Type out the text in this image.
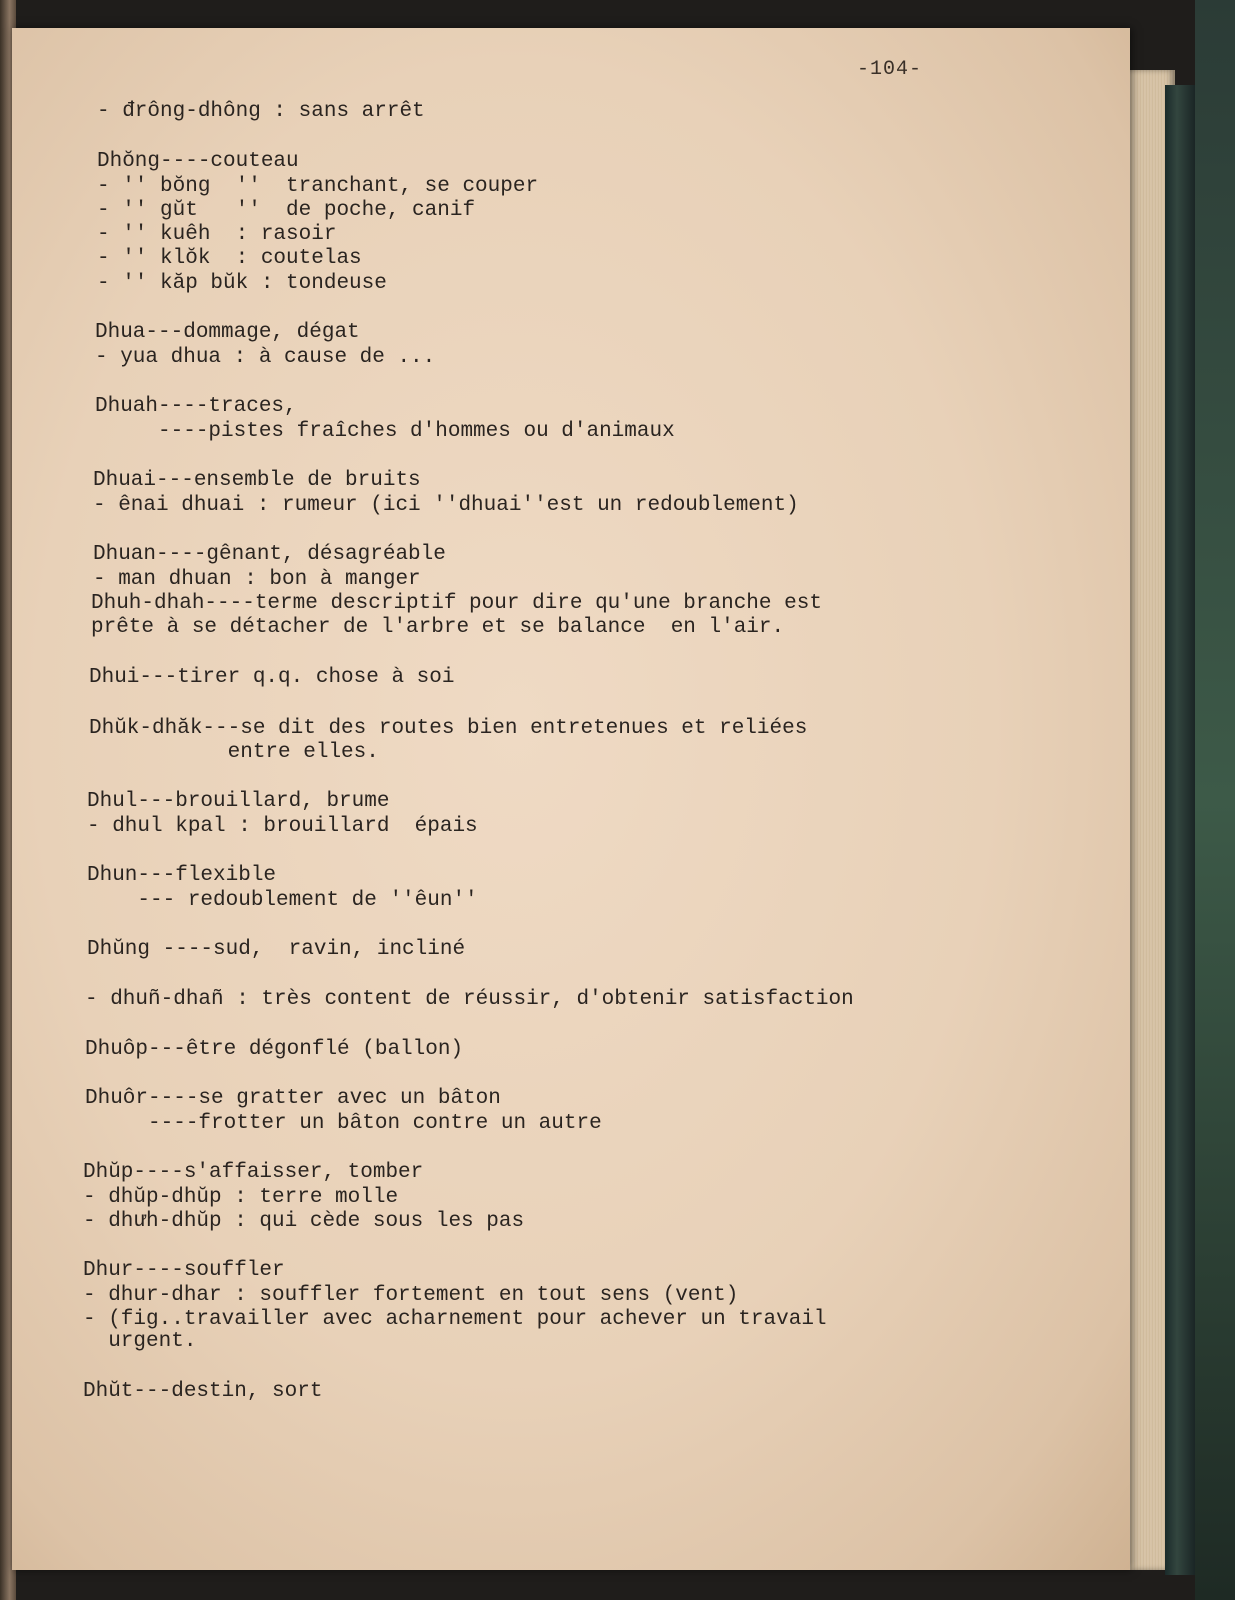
-104-
- đrông-dhông : sans arrêt
Dhŏng----couteau
- '' bŏng  ''  tranchant, se couper
- '' gŭt   ''  de poche, canif
- '' kuêh  : rasoir
- '' klŏk  : coutelas
- '' kăp bŭk : tondeuse
Dhua---dommage, dégat
- yua dhua : à cause de ...
Dhuah----traces,
----pistes fraîches d'hommes ou d'animaux
Dhuai---ensemble de bruits
- ênai dhuai : rumeur (ici ''dhuai''est un redoublement)
Dhuan----gênant, désagréable
- man dhuan : bon à manger
Dhuh-dhah----terme descriptif pour dire qu'une branche est
prête à se détacher de l'arbre et se balance  en l'air.
Dhui---tirer q.q. chose à soi
Dhŭk-dhăk---se dit des routes bien entretenues et reliées
entre elles.
Dhul---brouillard, brume
- dhul kpal : brouillard  épais
Dhun---flexible
--- redoublement de ''êun''
Dhŭng ----sud,  ravin, incliné
- dhuñ-dhañ : très content de réussir, d'obtenir satisfaction
Dhuôp---être dégonflé (ballon)
Dhuôr----se gratter avec un bâton
----frotter un bâton contre un autre
Dhŭp----s'affaisser, tomber
- dhŭp-dhŭp : terre molle
- dhưh-dhŭp : qui cède sous les pas
Dhur----souffler
- dhur-dhar : souffler fortement en tout sens (vent)
- (fig..travailler avec acharnement pour achever un travail
urgent.
Dhŭt---destin, sort
